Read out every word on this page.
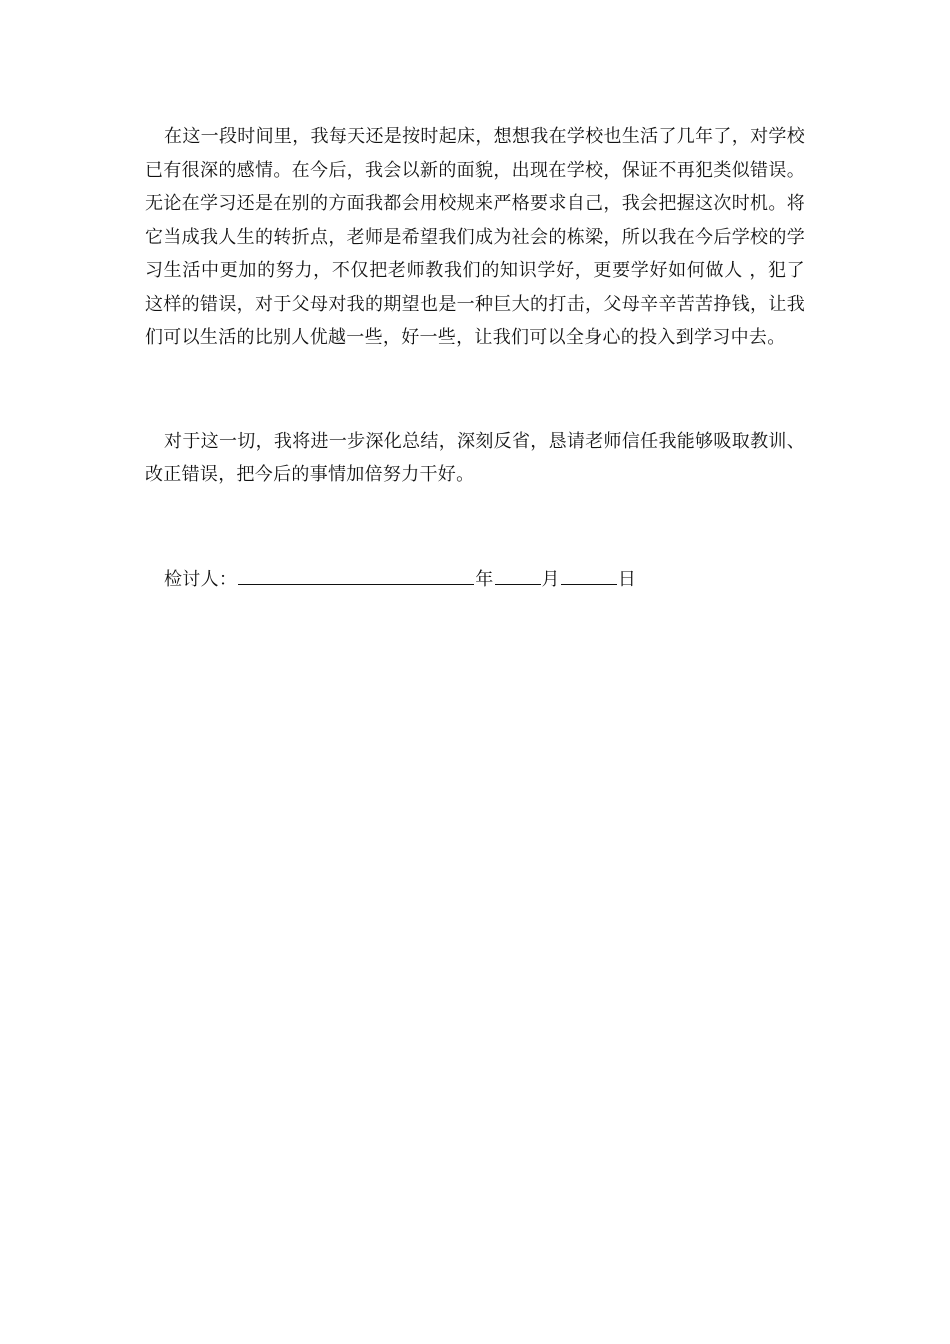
在这一段时间里，我每天还是按时起床，想想我在学校也生活了几年了，对学校已有很深的感情。在今后，我会以新的面貌，出现在学校，保证不再犯类似错误。无论在学习还是在别的方面我都会用校规来严格要求自己，我会把握这次时机。将它当成我人生的转折点，老师是希望我们成为社会的栋梁，所以我在今后学校的学习生活中更加的努力，不仅把老师教我们的知识学好，更要学好如何做人 ，犯了这样的错误，对于父母对我的期望也是一种巨大的打击，父母辛辛苦苦挣钱，让我们可以生活的比别人优越一些，好一些，让我们可以全身心的投入到学习中去。

对于这一切，我将进一步深化总结，深刻反省，恳请老师信任我能够吸取教训、改正错误，把今后的事情加倍努力干好。

检讨人：	年	月	日
